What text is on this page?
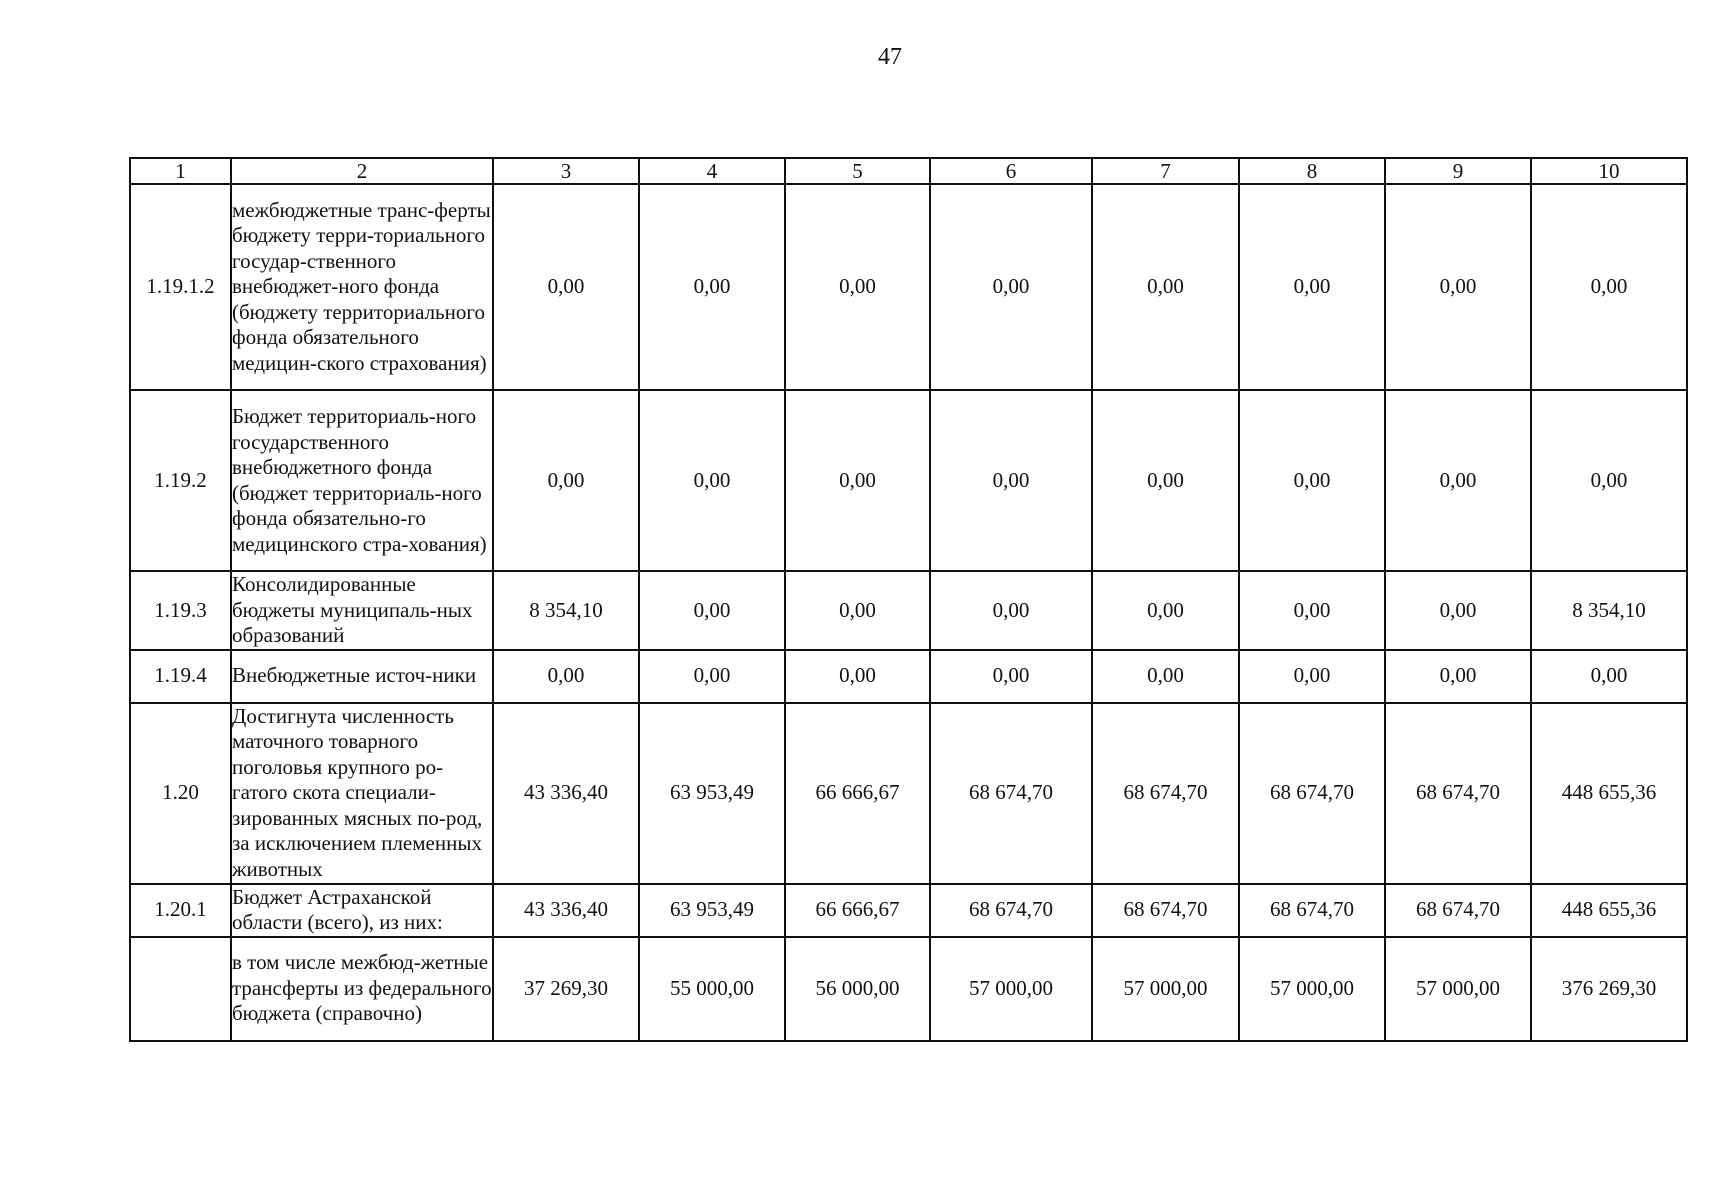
47
1	2	3	4	5	6	7	8	9	10
1.19.1.2	межбюджетные транс-ферты бюджету терри-ториального государ-ственного внебюджет-ного фонда (бюджету территориального фонда обязательного медицин-ского страхования)	0,00	0,00	0,00	0,00	0,00	0,00	0,00	0,00
1.19.2	Бюджет территориаль-ного государственного внебюджетного фонда (бюджет территориаль-ного фонда обязательно-го медицинского стра-хования)	0,00	0,00	0,00	0,00	0,00	0,00	0,00	0,00
1.19.3	Консолидированные бюджеты муниципаль-ных образований	8 354,10	0,00	0,00	0,00	0,00	0,00	0,00	8 354,10
1.19.4	Внебюджетные источ-ники	0,00	0,00	0,00	0,00	0,00	0,00	0,00	0,00
1.20	Достигнута численность маточного товарного поголовья крупного ро-гатого скота специали-зированных мясных по-род, за исключением племенных животных	43 336,40	63 953,49	66 666,67	68 674,70	68 674,70	68 674,70	68 674,70	448 655,36
1.20.1	Бюджет Астраханской области (всего), из них:	43 336,40	63 953,49	66 666,67	68 674,70	68 674,70	68 674,70	68 674,70	448 655,36
	в том числе межбюд-жетные трансферты из федерального бюджета (справочно)	37 269,30	55 000,00	56 000,00	57 000,00	57 000,00	57 000,00	57 000,00	376 269,30
